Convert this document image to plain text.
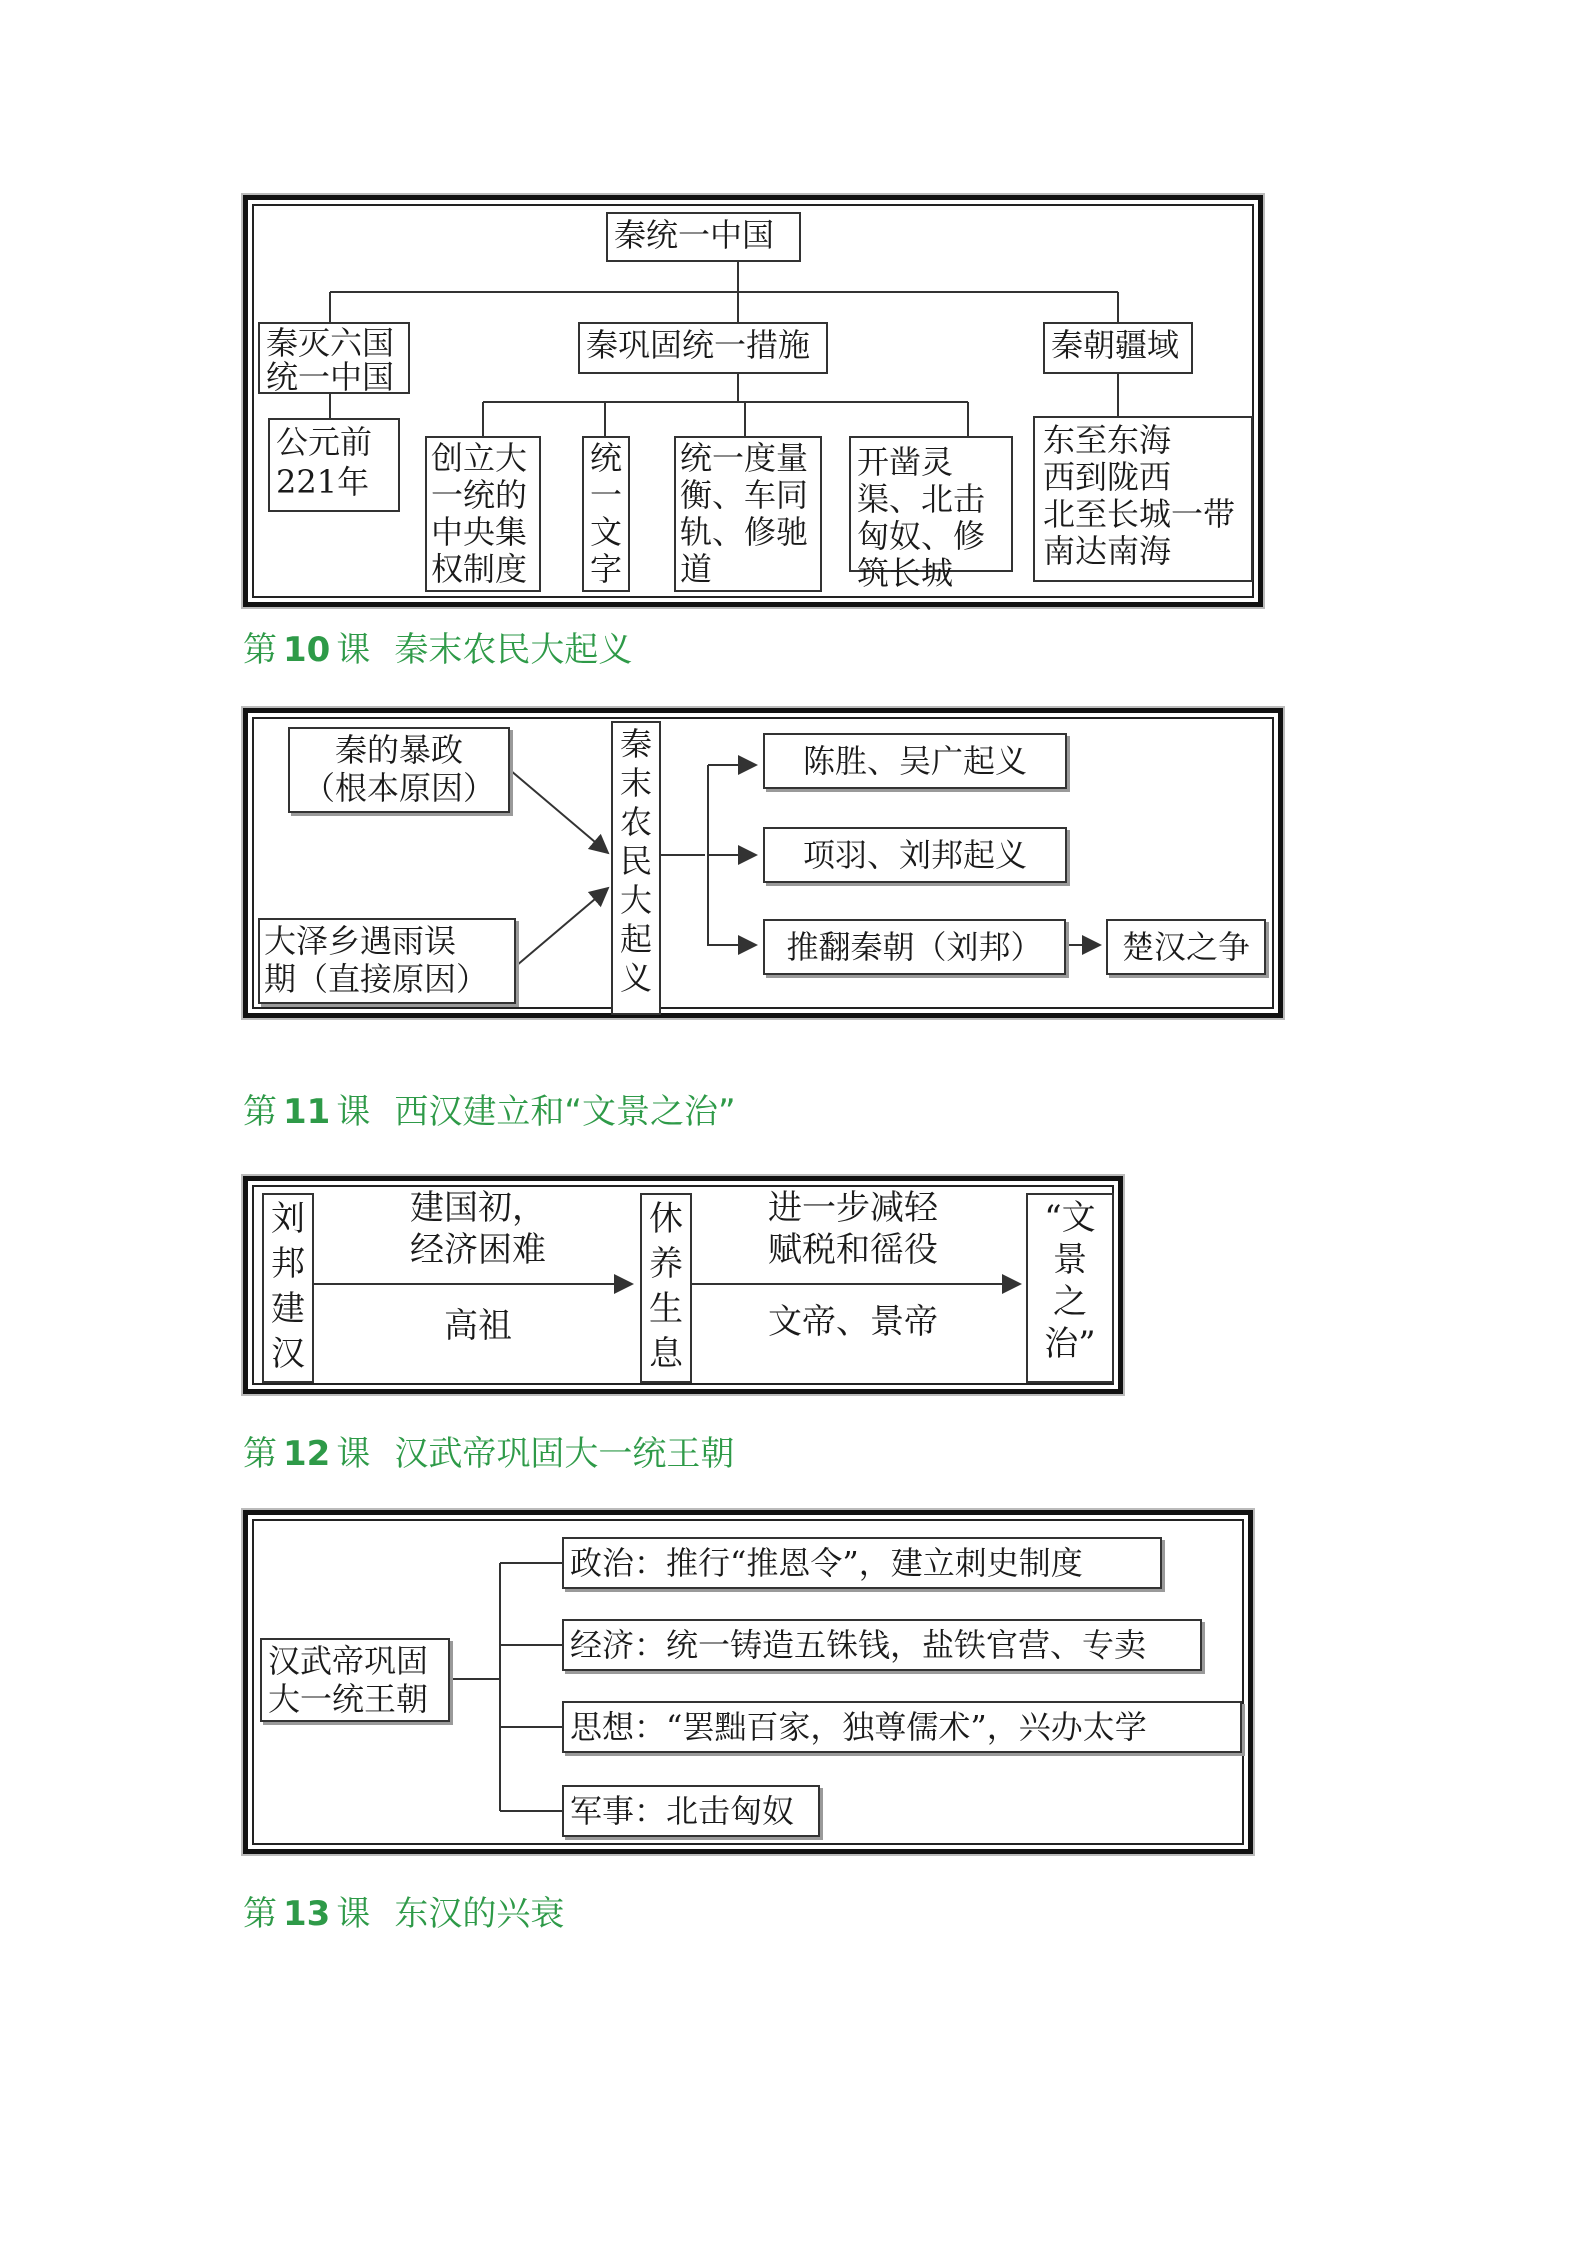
秦统一中国
秦灭六国统一中国
公元前221年
秦巩固统一措施	秦朝疆域
创立大一统的中央集权制度
统一文字
统一度量衡、车同轨、修驰道
开凿灵渠、北击匈奴、修筑长城
东至东海
西到陇西
北至长城一带
南达南海
第 10 课 秦末农民大起义
秦的暴政
（根本原因）
大泽乡遇雨误
期（直接原因）
秦末农民大起义
陈胜、吴广起义
项羽、刘邦起义
推翻秦朝（刘邦）	楚汉之争
第 11 课 西汉建立和“文景之治”
刘邦建汉
建国初，
经济困难
高祖
休养生息
进一步减轻
赋税和徭役
文帝、景帝
“文景之治”
第 12 课 汉武帝巩固大一统王朝
汉武帝巩固
大一统王朝
政治：推行“推恩令”，建立刺史制度
经济：统一铸造五铢钱，盐铁官营、专卖
思想：“罢黜百家，独尊儒术”，兴办太学
军事：北击匈奴
第 13 课 东汉的兴衰
